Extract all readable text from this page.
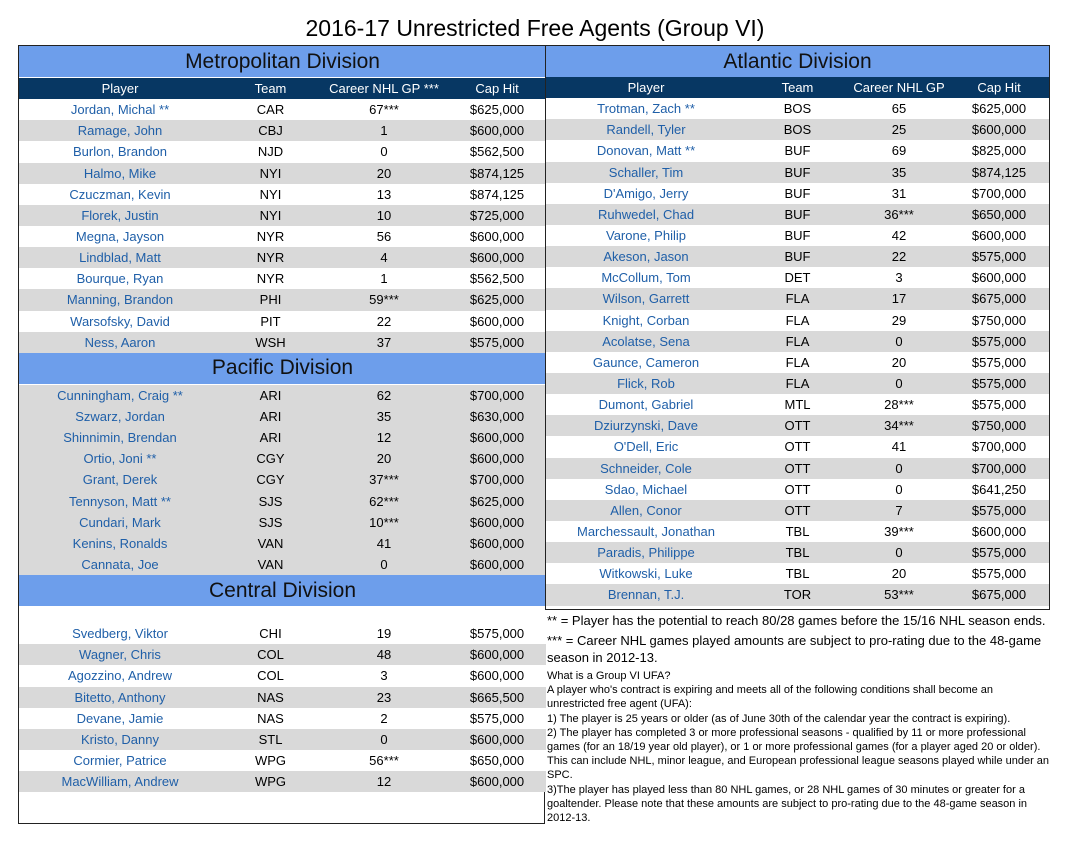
2016-17 Unrestricted Free Agents (Group VI)
Metropolitan Division			
Player	Team	Career NHL GP ***	Cap Hit
Jordan, Michal **	CAR	67***	$625,000
Ramage, John	CBJ	1	$600,000
Burlon, Brandon	NJD	0	$562,500
Halmo, Mike	NYI	20	$874,125
Czuczman, Kevin	NYI	13	$874,125
Florek, Justin	NYI	10	$725,000
Megna, Jayson	NYR	56	$600,000
Lindblad, Matt	NYR	4	$600,000
Bourque, Ryan	NYR	1	$562,500
Manning, Brandon	PHI	59***	$625,000
Warsofsky, David	PIT	22	$600,000
Ness, Aaron	WSH	37	$575,000
Pacific Division			
Cunningham, Craig **	ARI	62	$700,000
Szwarz, Jordan	ARI	35	$630,000
Shinnimin, Brendan	ARI	12	$600,000
Ortio, Joni **	CGY	20	$600,000
Grant, Derek	CGY	37***	$700,000
Tennyson, Matt **	SJS	62***	$625,000
Cundari, Mark	SJS	10***	$600,000
Kenins, Ronalds	VAN	41	$600,000
Cannata, Joe	VAN	0	$600,000
Central Division			

Svedberg, Viktor	CHI	19	$575,000
Wagner, Chris	COL	48	$600,000
Agozzino, Andrew	COL	3	$600,000
Bitetto, Anthony	NAS	23	$665,500
Devane, Jamie	NAS	2	$575,000
Kristo, Danny	STL	0	$600,000
Cormier, Patrice	WPG	56***	$650,000
MacWilliam, Andrew	WPG	12	$600,000
Atlantic Division			
Player	Team	Career NHL GP	Cap Hit
Trotman, Zach **	BOS	65	$625,000
Randell, Tyler	BOS	25	$600,000
Donovan, Matt **	BUF	69	$825,000
Schaller, Tim	BUF	35	$874,125
D'Amigo, Jerry	BUF	31	$700,000
Ruhwedel, Chad	BUF	36***	$650,000
Varone, Philip	BUF	42	$600,000
Akeson, Jason	BUF	22	$575,000
McCollum, Tom	DET	3	$600,000
Wilson, Garrett	FLA	17	$675,000
Knight, Corban	FLA	29	$750,000
Acolatse, Sena	FLA	0	$575,000
Gaunce, Cameron	FLA	20	$575,000
Flick, Rob	FLA	0	$575,000
Dumont, Gabriel	MTL	28***	$575,000
Dziurzynski, Dave	OTT	34***	$750,000
O'Dell, Eric	OTT	41	$700,000
Schneider, Cole	OTT	0	$700,000
Sdao, Michael	OTT	0	$641,250
Allen, Conor	OTT	7	$575,000
Marchessault, Jonathan	TBL	39***	$600,000
Paradis, Philippe	TBL	0	$575,000
Witkowski, Luke	TBL	20	$575,000
Brennan, T.J.	TOR	53***	$675,000
** = Player has the potential to reach 80/28 games before the 15/16 NHL season ends.
*** = Career NHL games played amounts are subject to pro-rating due to the 48-game season in 2012-13.

What is a Group VI UFA?

A player who's contract is expiring and meets all of the following conditions shall become an unrestricted free agent (UFA):

1) The player is 25 years or older (as of June 30th of the calendar year the contract is expiring).

2) The player has completed 3 or more professional seasons - qualified by 11 or more professional games (for an 18/19 year old player), or 1 or more professional games (for a player aged 20 or older). This can include NHL, minor league, and European professional league seasons played while under an SPC.

3)The player has played less than 80 NHL games, or 28 NHL games of 30 minutes or greater for a goaltender. Please note that these amounts are subject to pro-rating due to the 48-game season in 2012-13.
